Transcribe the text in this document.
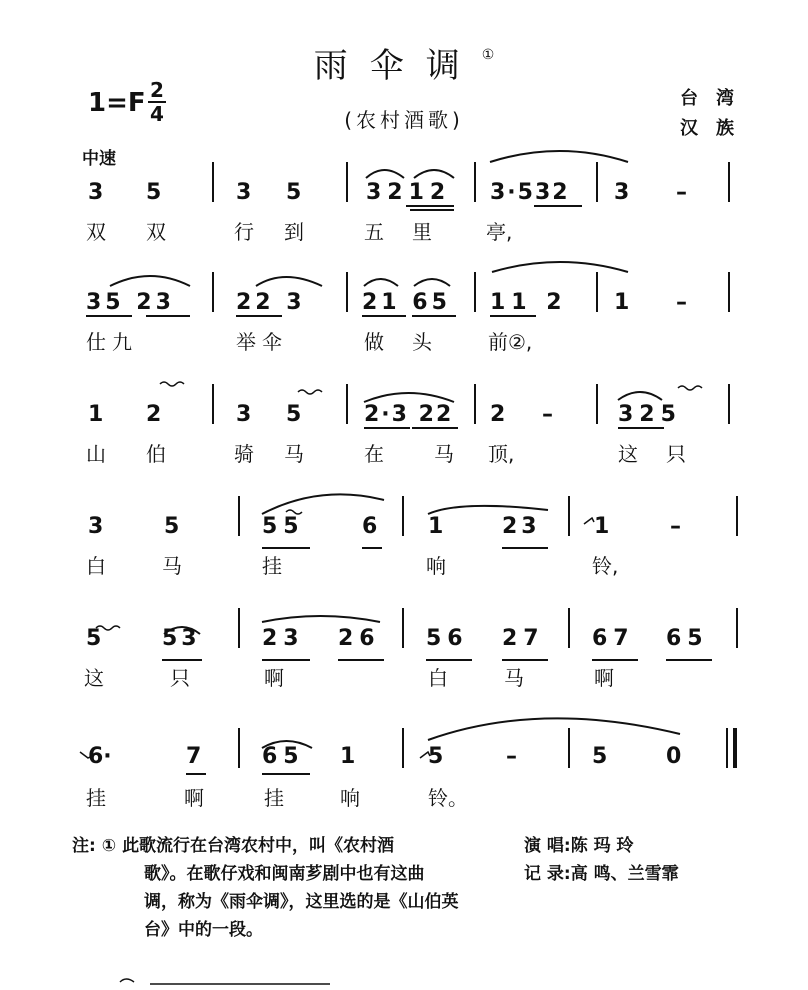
雨伞调①
(农村酒歌)
1=F 2
4
台湾
汉族
中速
3 5	3 5	3212 3·532 3 –
双 双	行 到	五 里	亭,
35 23	22 3	21 65 11 2 1 –
仕九	举伞	做 头	前②,
1 2	3 5	2·3 22 2 –	325
山 伯	骑 马	在	马 顶,	这 只
3	5	55	6 1	23 1	–
白	马	挂	响	铃,
5	53	23 26 56 27 67 65
这	只	啊	白	马	啊
6·	7	65 1	5	–	5	0
挂	啊	挂	响	铃。
注: ① 此歌流行在台湾农村中，叫《农村酒
歌》。在歌仔戏和闽南芗剧中也有这曲
调，称为《雨伞调》，这里选的是《山伯英
台》中的一段。
演 唱:陈 玛 玲
记 录:高 鸣、兰雪霏
